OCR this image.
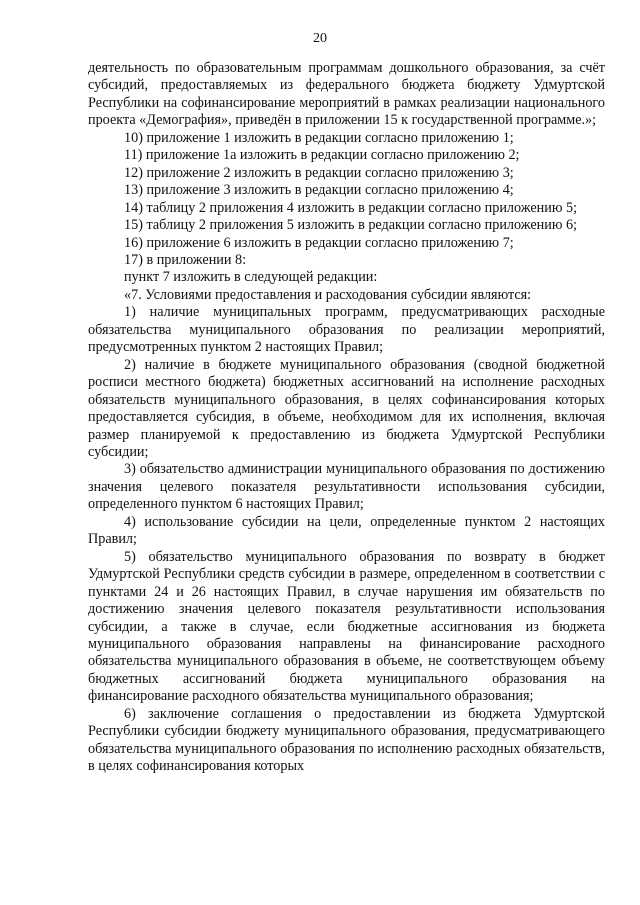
20

деятельность по образовательным программам дошкольного образования, за счёт субсидий, предоставляемых из федерального бюджета бюджету Удмуртской Республики на софинансирование мероприятий в рамках реализации национального проекта «Демография», приведён в приложении 15 к государственной программе.»;

10) приложение 1 изложить в редакции согласно приложению 1;

11) приложение 1а изложить в редакции согласно приложению 2;

12) приложение 2 изложить в редакции согласно приложению 3;

13) приложение 3 изложить в редакции согласно приложению 4;

14) таблицу 2 приложения 4 изложить в редакции согласно приложению 5;

15) таблицу 2 приложения 5 изложить в редакции согласно приложению 6;

16) приложение 6 изложить в редакции согласно приложению 7;

17) в приложении 8:

пункт 7 изложить в следующей редакции:

«7. Условиями предоставления и расходования субсидии являются:

1) наличие муниципальных программ, предусматривающих расходные обязательства муниципального образования по реализации мероприятий, предусмотренных пунктом 2 настоящих Правил;

2) наличие в бюджете муниципального образования (сводной бюджетной росписи местного бюджета) бюджетных ассигнований на исполнение расходных обязательств муниципального образования, в целях софинансирования которых предоставляется субсидия, в объеме, необходимом для их исполнения, включая размер планируемой к предоставлению из бюджета Удмуртской Республики субсидии;

3) обязательство администрации муниципального образования по достижению значения целевого показателя результативности использования субсидии, определенного пунктом 6 настоящих Правил;

4) использование субсидии на цели, определенные пунктом 2 настоящих Правил;

5) обязательство муниципального образования по возврату в бюджет Удмуртской Республики средств субсидии в размере, определенном в соответствии с пунктами 24 и 26 настоящих Правил, в случае нарушения им обязательств по достижению значения целевого показателя результативности использования субсидии, а также в случае, если бюджетные ассигнования из бюджета муниципального образования направлены на финансирование расходного обязательства муниципального образования в объеме, не соответствующем объему бюджетных ассигнований бюджета муниципального образования на финансирование расходного обязательства муниципального образования;

6) заключение соглашения о предоставлении из бюджета Удмуртской Республики субсидии бюджету муниципального образования, предусматривающего обязательства муниципального образования по исполнению расходных обязательств, в целях софинансирования которых
